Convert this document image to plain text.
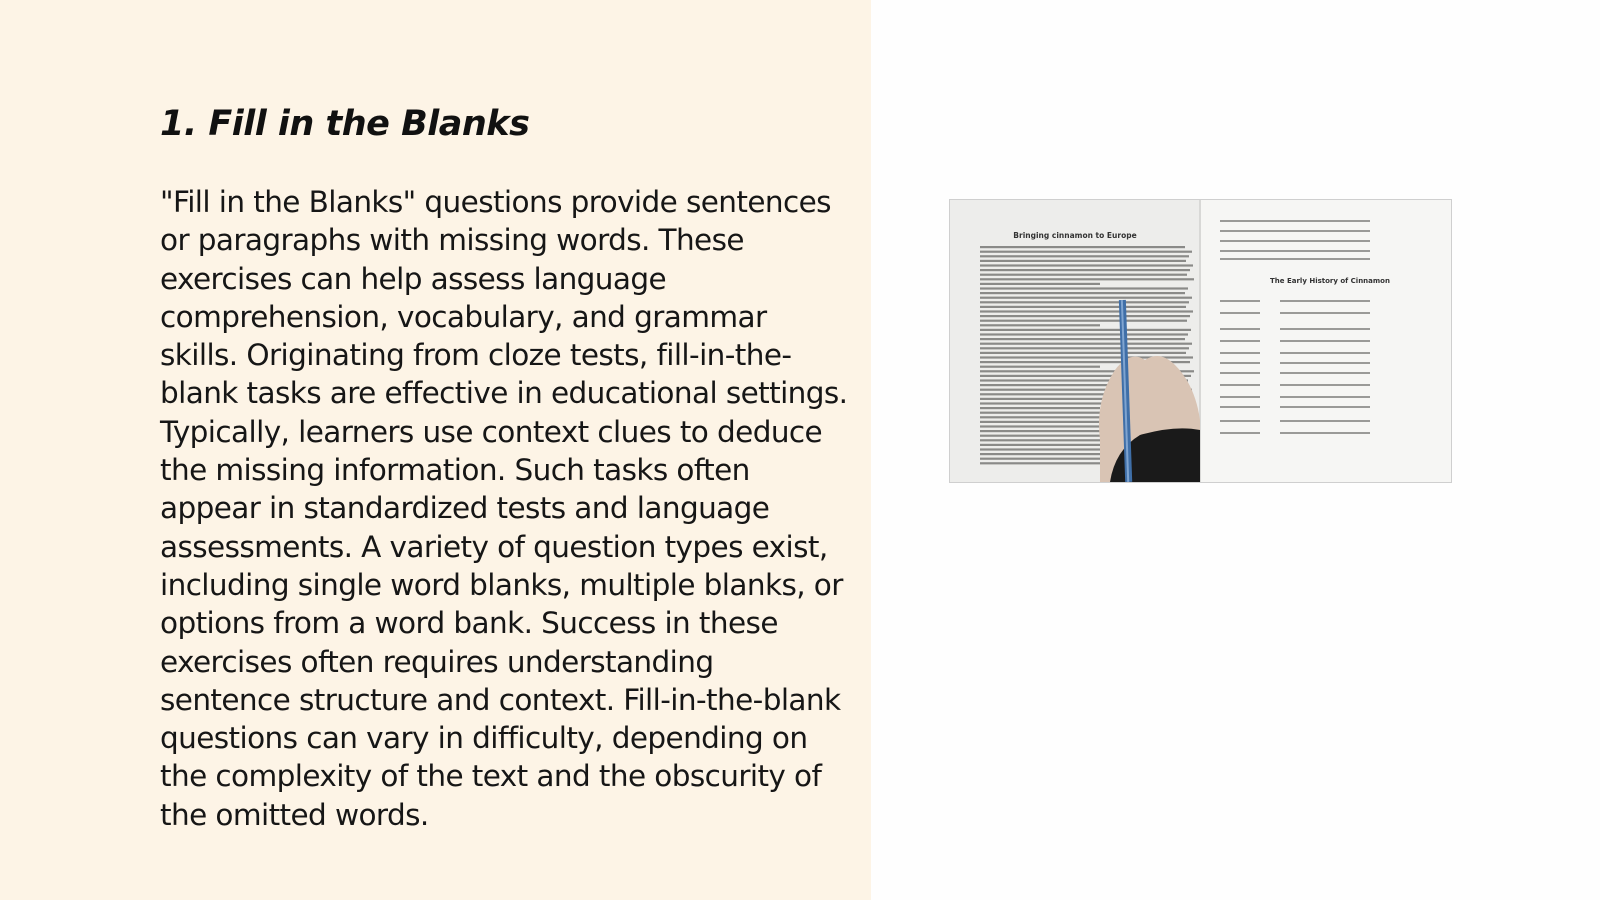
1. Fill in the Blanks

"Fill in the Blanks" questions provide sentences or paragraphs with missing words. These exercises can help assess language comprehension, vocabulary, and grammar skills. Originating from cloze tests, fill-in-the-blank tasks are effective in educational settings. Typically, learners use context clues to deduce the missing information. Such tasks often appear in standardized tests and language assessments. A variety of question types exist, including single word blanks, multiple blanks, or options from a word bank. Success in these exercises often requires understanding sentence structure and context. Fill-in-the-blank questions can vary in difficulty, depending on the complexity of the text and the obscurity of the omitted words.

Bringing cinnamon to Europe
The Early History of Cinnamon
